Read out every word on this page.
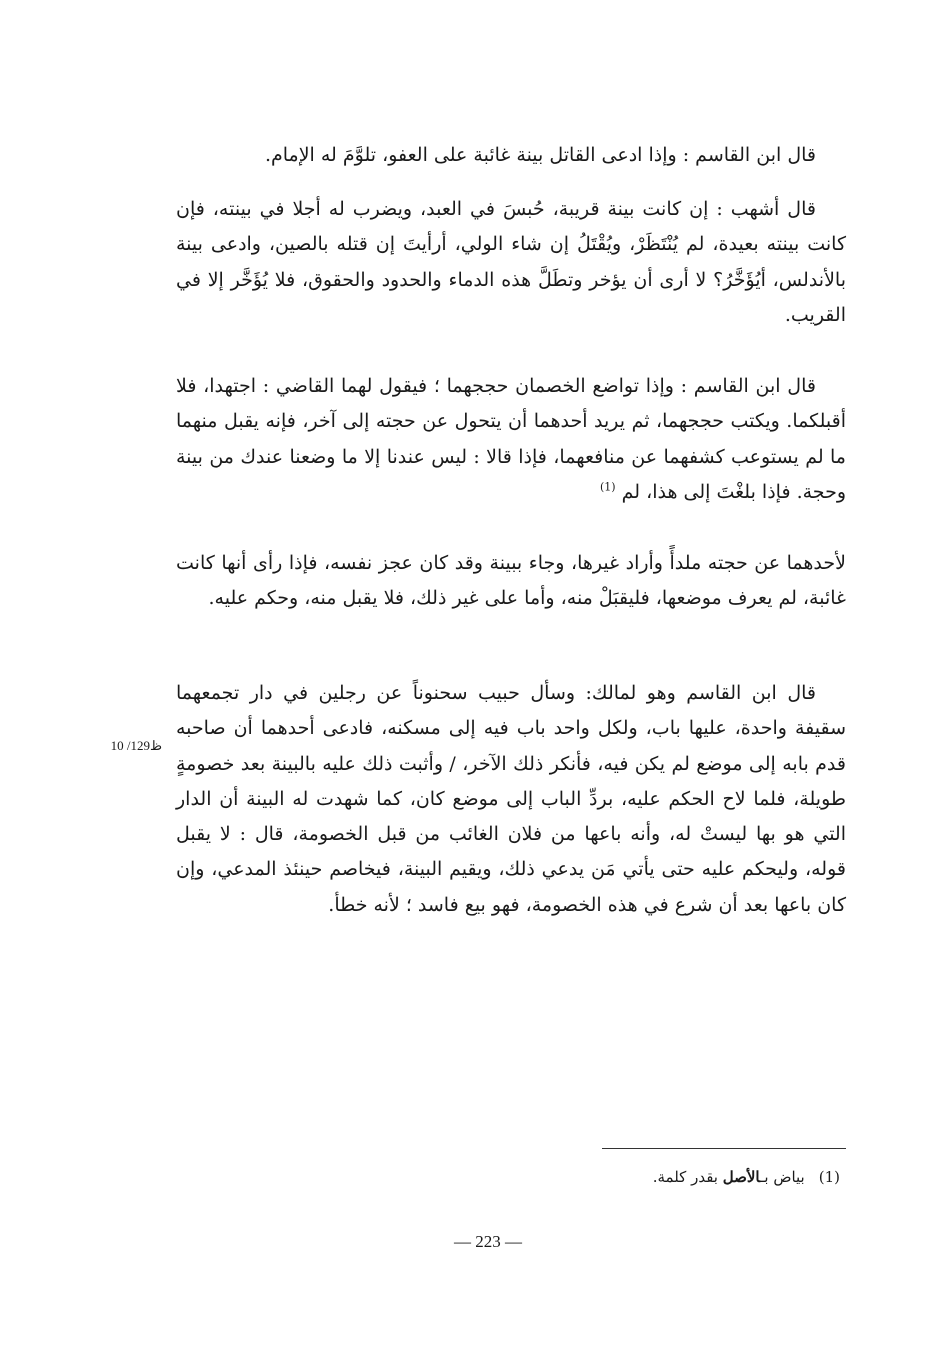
قال ابن القاسم : وإذا ادعى القاتل بينة غائبة على العفو، تلوَّمَ له الإمام.

قال أشهب : إن كانت بينة قريبة، حُبسَ في العبد، ويضرب له أجلا في بينته، فإن كانت بينته بعيدة، لم يُنْتَظَرْ، ويُقْتَلُ إن شاء الولي، أرأيتَ إن قتله بالصين، وادعى بينة بالأندلس، أيُؤَخَّرُ؟ لا أرى أن يؤخر وتطَلَّ هذه الدماء والحدود والحقوق، فلا يُؤَخَّر إلا في القريب.

قال ابن القاسم : وإذا تواضع الخصمان حججهما ؛ فيقول لهما القاضي : اجتهدا، فلا أقبلكما. ويكتب حججهما، ثم يريد أحدهما أن يتحول عن حجته إلى آخر، فإنه يقبل منهما ما لم يستوعب كشفهما عن منافعهما، فإذا قالا : ليس عندنا إلا ما وضعنا عندك من بينة وحجة. فإذا بلغْتَ إلى هذا، لم $^{(1)}$

لأحدهما عن حجته ملدأً وأراد غيرها، وجاء ببينة وقد كان عجز نفسه، فإذا رأى أنها كانت غائبة، لم يعرف موضعها، فليقبَلْ منه، وأما على غير ذلك، فلا يقبل منه، وحكم عليه.

قال ابن القاسم وهو لمالك: وسأل حبيب سحنوناً عن رجلين في دار تجمعهما سقيفة واحدة، عليها باب، ولكل واحد باب فيه إلى مسكنه، فادعى أحدهما أن صاحبه قدم بابه إلى موضع لم يكن فيه، فأنكر ذلك الآخر، / وأثبت ذلك عليه بالبينة بعد خصومةٍ طويلة، فلما لاح الحكم عليه، بردِّ الباب إلى موضع كان، كما شهدت له البينة أن الدار التي هو بها ليستْ له، وأنه باعها من فلان الغائب من قبل الخصومة، قال : لا يقبل قوله، وليحكم عليه حتى يأتي مَن يدعي ذلك، ويقيم البينة، فيخاصم حينئذ المدعي، وإن كان باعها بعد أن شرع في هذه الخصومة، فهو بيع فاسد ؛ لأنه خطأ.

10 /129ظ
(1)بياض بـالأصل بقدر كلمة.
— 223 —
